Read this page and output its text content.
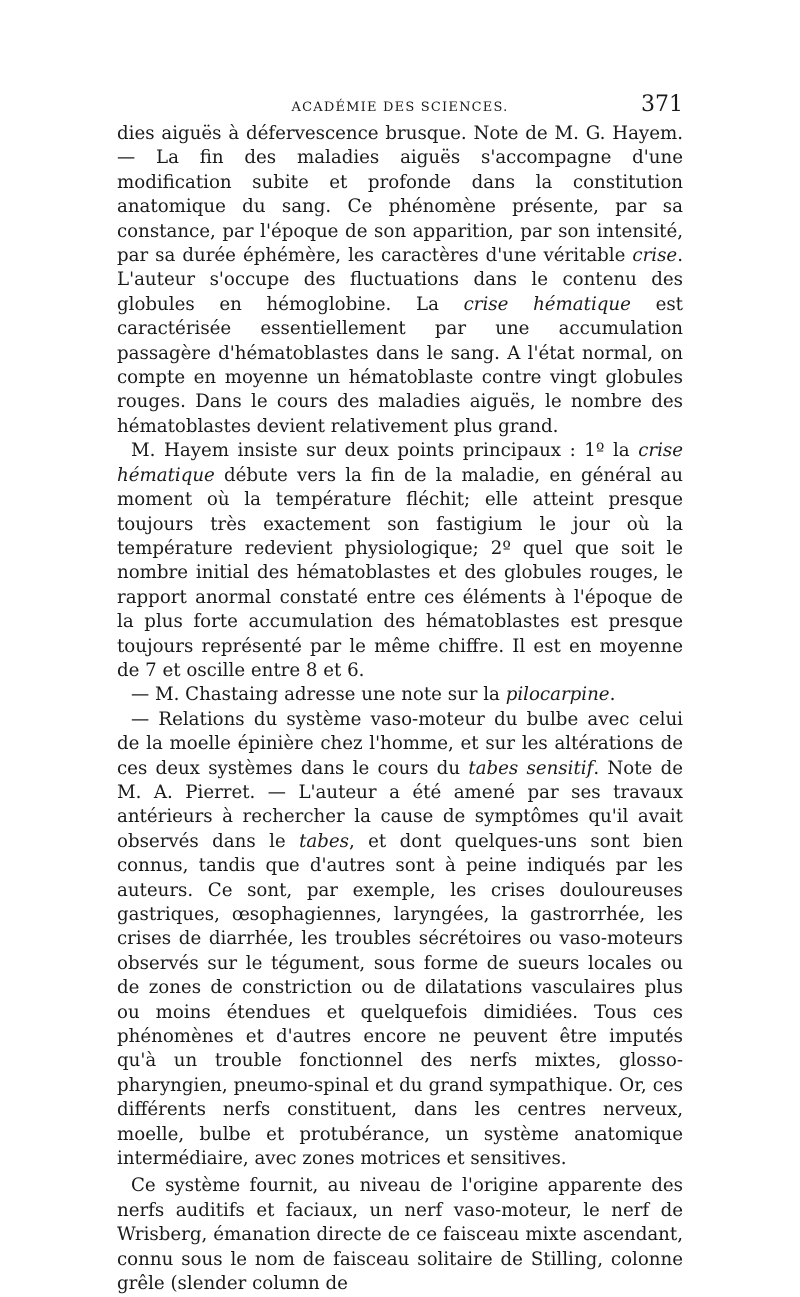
ACADÉMIE DES SCIENCES.	371

dies aiguës à défervescence brusque. Note de M. G. Hayem. — La fin des maladies aiguës s'accompagne d'une modification subite et profonde dans la constitution anatomique du sang. Ce phénomène présente, par sa constance, par l'époque de son apparition, par son intensité, par sa durée éphémère, les caractères d'une véritable crise. L'auteur s'occupe des fluctuations dans le contenu des globules en hémoglobine. La crise hématique est caractérisée essentiellement par une accumulation passagère d'hématoblastes dans le sang. A l'état normal, on compte en moyenne un hématoblaste contre vingt globules rouges. Dans le cours des maladies aiguës, le nombre des hématoblastes devient relativement plus grand.

M. Hayem insiste sur deux points principaux : 1º la crise hématique débute vers la fin de la maladie, en général au moment où la température fléchit; elle atteint presque toujours très exactement son fastigium le jour où la température redevient physiologique; 2º quel que soit le nombre initial des hématoblastes et des globules rouges, le rapport anormal constaté entre ces éléments à l'époque de la plus forte accumulation des hématoblastes est presque toujours représenté par le même chiffre. Il est en moyenne de 7 et oscille entre 8 et 6.

— M. Chastaing adresse une note sur la pilocarpine.

— Relations du système vaso-moteur du bulbe avec celui de la moelle épinière chez l'homme, et sur les altérations de ces deux systèmes dans le cours du tabes sensitif. Note de M. A. Pierret. — L'auteur a été amené par ses travaux antérieurs à rechercher la cause de symptômes qu'il avait observés dans le tabes, et dont quelques-uns sont bien connus, tandis que d'autres sont à peine indiqués par les auteurs. Ce sont, par exemple, les crises douloureuses gastriques, œsophagiennes, laryngées, la gastrorrhée, les crises de diarrhée, les troubles sécrétoires ou vaso-moteurs observés sur le tégument, sous forme de sueurs locales ou de zones de constriction ou de dilatations vasculaires plus ou moins étendues et quelquefois dimidiées. Tous ces phénomènes et d'autres encore ne peuvent être imputés qu'à un trouble fonctionnel des nerfs mixtes, glosso-pharyngien, pneumo-spinal et du grand sympathique. Or, ces différents nerfs constituent, dans les centres nerveux, moelle, bulbe et protubérance, un système anatomique intermédiaire, avec zones motrices et sensitives.

Ce système fournit, au niveau de l'origine apparente des nerfs auditifs et faciaux, un nerf vaso-moteur, le nerf de Wrisberg, émanation directe de ce faisceau mixte ascendant, connu sous le nom de faisceau solitaire de Stilling, colonne grêle (slender column de
